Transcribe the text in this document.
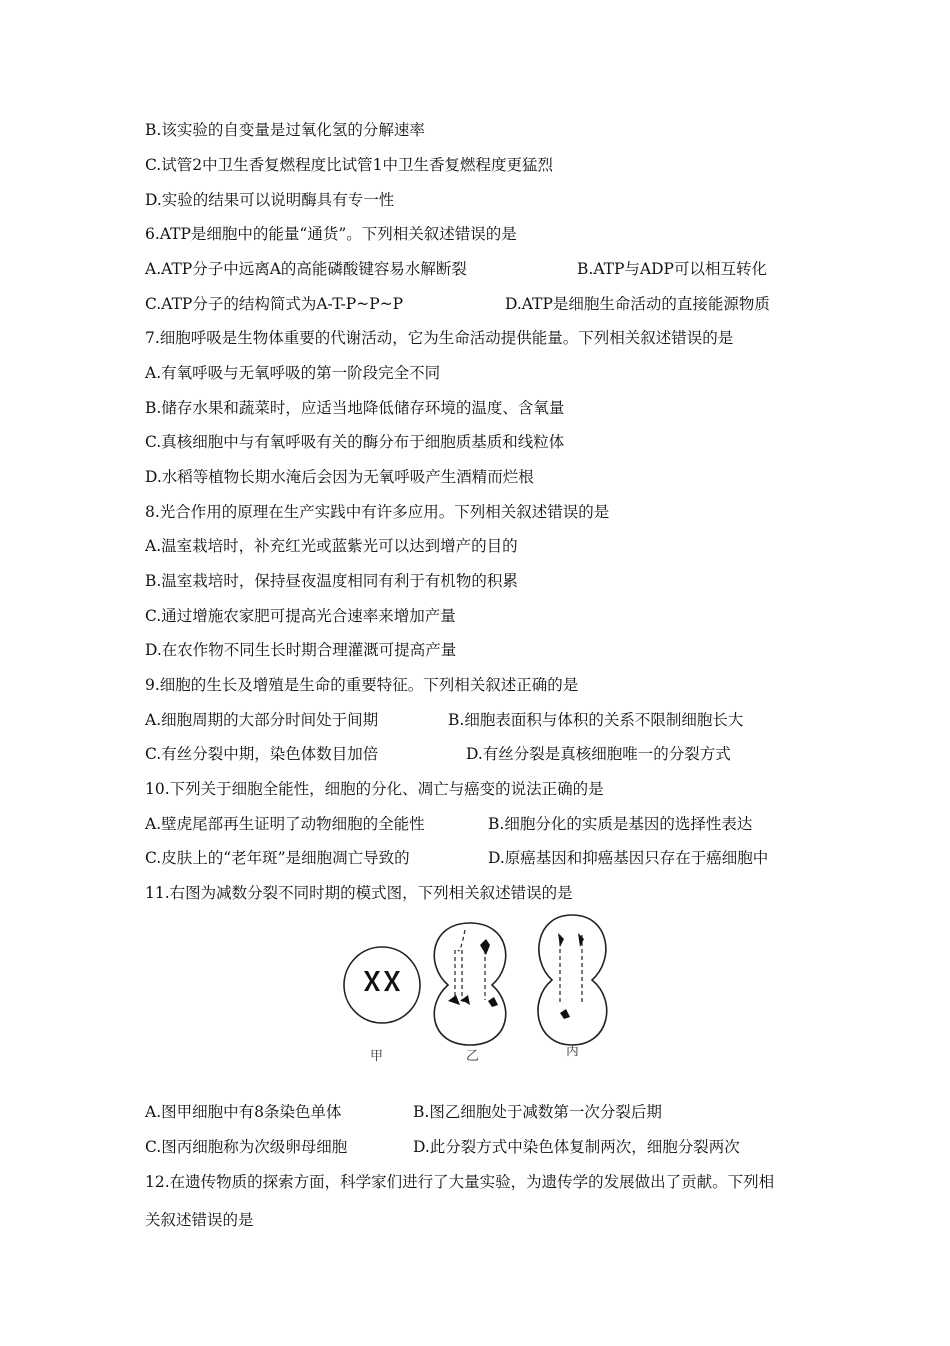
B.该实验的自变量是过氧化氢的分解速率
C.试管2中卫生香复燃程度比试管1中卫生香复燃程度更猛烈
D.实验的结果可以说明酶具有专一性
6.ATP是细胞中的能量“通货”。下列相关叙述错误的是
A.ATP分子中远离A的高能磷酸键容易水解断裂	B.ATP与ADP可以相互转化
C.ATP分子的结构简式为A-T-P~P~P	D.ATP是细胞生命活动的直接能源物质
7.细胞呼吸是生物体重要的代谢活动，它为生命活动提供能量。下列相关叙述错误的是
A.有氧呼吸与无氧呼吸的第一阶段完全不同
B.储存水果和蔬菜时，应适当地降低储存环境的温度、含氧量
C.真核细胞中与有氧呼吸有关的酶分布于细胞质基质和线粒体
D.水稻等植物长期水淹后会因为无氧呼吸产生酒精而烂根
8.光合作用的原理在生产实践中有许多应用。下列相关叙述错误的是
A.温室栽培时，补充红光或蓝紫光可以达到增产的目的
B.温室栽培时，保持昼夜温度相同有利于有机物的积累
C.通过增施农家肥可提高光合速率来增加产量
D.在农作物不同生长时期合理灌溉可提高产量
9.细胞的生长及增殖是生命的重要特征。下列相关叙述正确的是
A.细胞周期的大部分时间处于间期	B.细胞表面积与体积的关系不限制细胞长大
C.有丝分裂中期，染色体数目加倍	D.有丝分裂是真核细胞唯一的分裂方式
10.下列关于细胞全能性，细胞的分化、凋亡与癌变的说法正确的是
A.壁虎尾部再生证明了动物细胞的全能性	B.细胞分化的实质是基因的选择性表达
C.皮肤上的“老年斑”是细胞凋亡导致的	D.原癌基因和抑癌基因只存在于癌细胞中
11.右图为减数分裂不同时期的模式图，下列相关叙述错误的是
甲	乙	丙
A.图甲细胞中有8条染色单体	B.图乙细胞处于减数第一次分裂后期
C.图丙细胞称为次级卵母细胞	D.此分裂方式中染色体复制两次，细胞分裂两次
12.在遗传物质的探索方面，科学家们进行了大量实验，为遗传学的发展做出了贡献。下列相
关叙述错误的是
